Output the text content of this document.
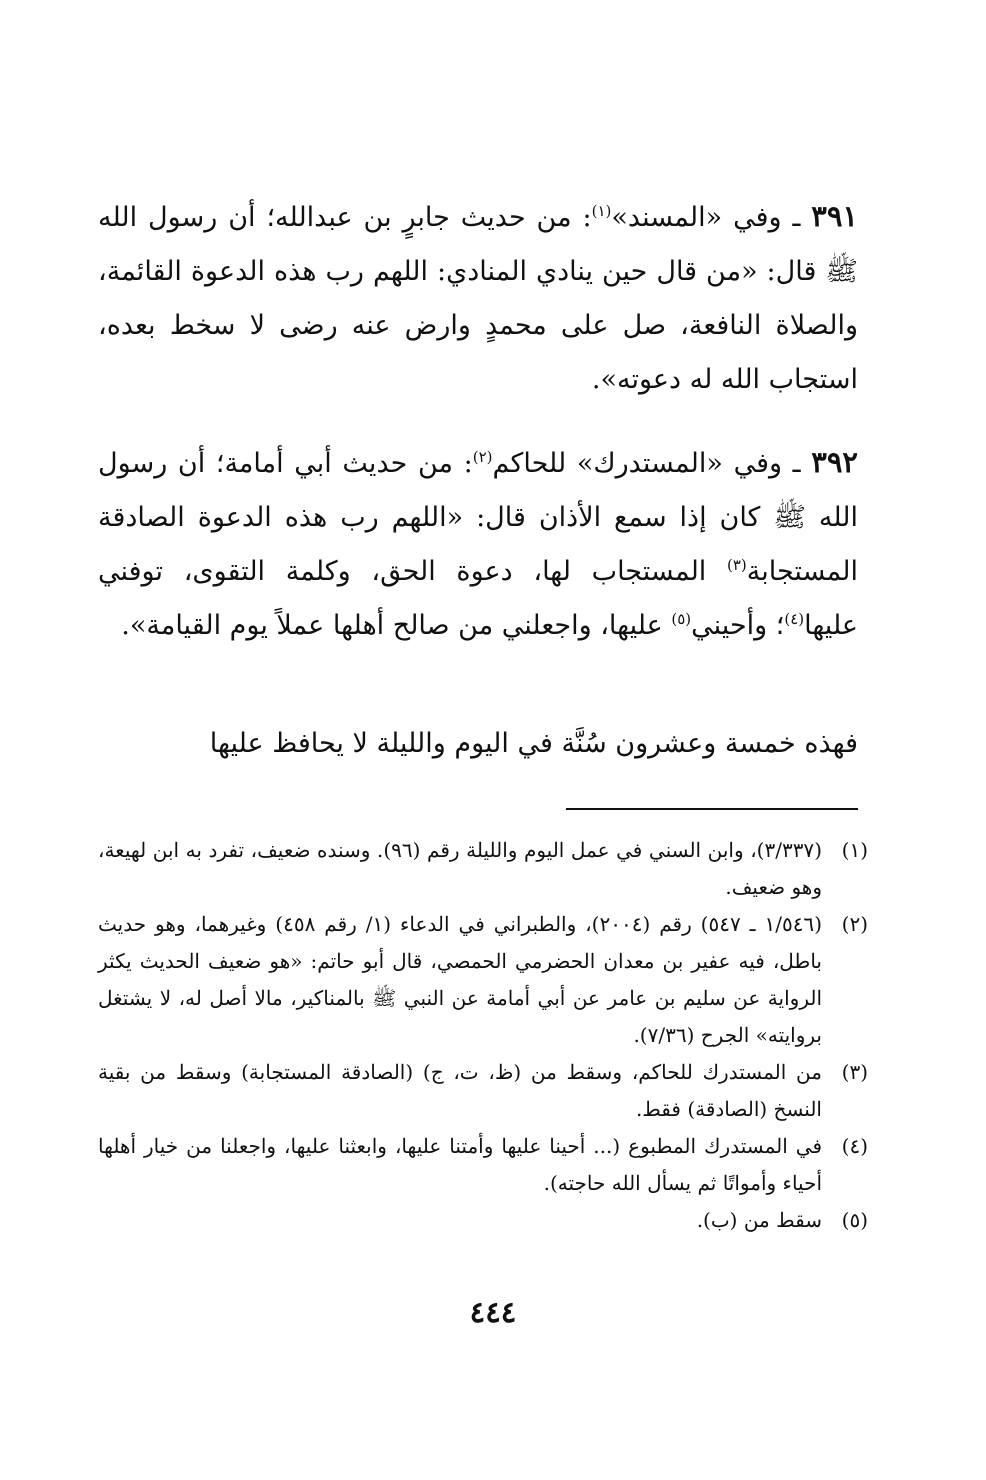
٣٩١ ـ وفي «المسند»$^{(١)}$: من حديث جابرٍ بن عبدالله؛ أن رسول الله ﷺ قال: «من قال حين ينادي المنادي: اللهم رب هذه الدعوة القائمة، والصلاة النافعة، صل على محمدٍ وارض عنه رضى لا سخط بعده، استجاب الله له دعوته».

٣٩٢ ـ وفي «المستدرك» للحاكم$^{(٢)}$: من حديث أبي أمامة؛ أن رسول الله ﷺ كان إذا سمع الأذان قال: «اللهم رب هذه الدعوة الصادقة المستجابة$^{(٣)}$ المستجاب لها، دعوة الحق، وكلمة التقوى، توفني عليها$^{(٤)}$؛ وأحيني$^{(٥)}$ عليها، واجعلني من صالح أهلها عملاً يوم القيامة».

فهذه خمسة وعشرون سُنَّة في اليوم والليلة لا يحافظ عليها

(١)
(٣/٣٣٧)، وابن السني في عمل اليوم والليلة رقم (٩٦). وسنده ضعيف، تفرد به ابن لهيعة، وهو ضعيف.
(٢)
(١/٥٤٦ ـ ٥٤٧) رقم (٢٠٠٤)، والطبراني في الدعاء (١/ رقم ٤٥٨) وغيرهما، وهو حديث باطل، فيه عفير بن معدان الحضرمي الحمصي، قال أبو حاتم: «هو ضعيف الحديث يكثر الرواية عن سليم بن عامر عن أبي أمامة عن النبي ﷺ بالمناكير، مالا أصل له، لا يشتغل بروايته» الجرح (٧/٣٦).
(٣)
من المستدرك للحاكم، وسقط من (ظ، ت، ج) (الصادقة المستجابة) وسقط من بقية النسخ (الصادقة) فقط.
(٤)
في المستدرك المطبوع (... أحينا عليها وأمتنا عليها، وابعثنا عليها، واجعلنا من خيار أهلها أحياء وأمواتًا ثم يسأل الله حاجته).
(٥)
سقط من (ب).
٤٤٤
